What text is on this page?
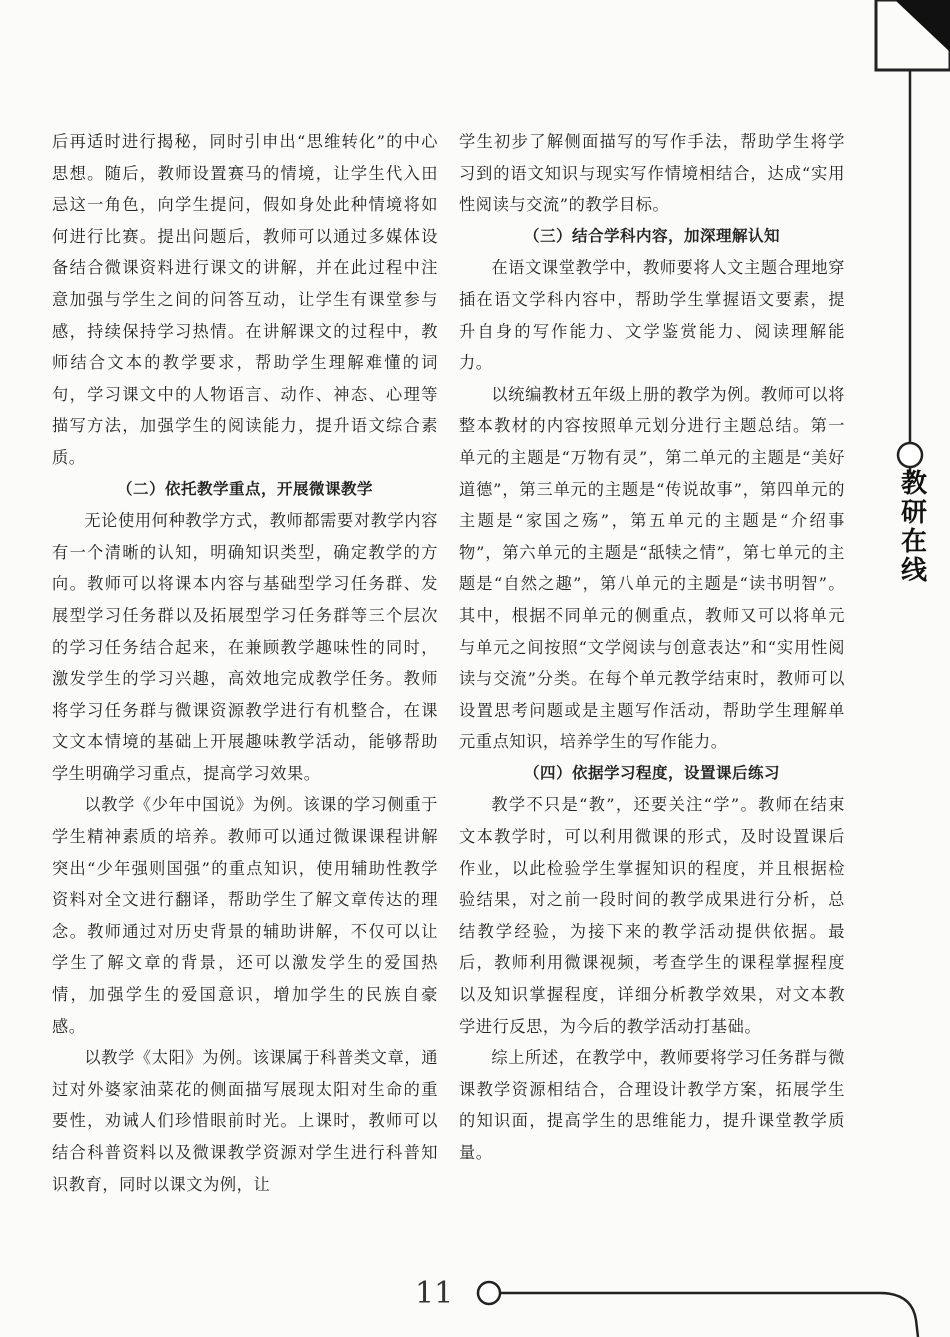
教研在线

后再适时进行揭秘，同时引申出“思维转化”的中心思想。随后，教师设置赛马的情境，让学生代入田忌这一角色，向学生提问，假如身处此种情境将如何进行比赛。提出问题后，教师可以通过多媒体设备结合微课资料进行课文的讲解，并在此过程中注意加强与学生之间的问答互动，让学生有课堂参与感，持续保持学习热情。在讲解课文的过程中，教师结合文本的教学要求，帮助学生理解难懂的词句，学习课文中的人物语言、动作、神态、心理等描写方法，加强学生的阅读能力，提升语文综合素质。

（二）依托教学重点，开展微课教学

无论使用何种教学方式，教师都需要对教学内容有一个清晰的认知，明确知识类型，确定教学的方向。教师可以将课本内容与基础型学习任务群、发展型学习任务群以及拓展型学习任务群等三个层次的学习任务结合起来，在兼顾教学趣味性的同时，激发学生的学习兴趣，高效地完成教学任务。教师将学习任务群与微课资源教学进行有机整合，在课文文本情境的基础上开展趣味教学活动，能够帮助学生明确学习重点，提高学习效果。

以教学《少年中国说》为例。该课的学习侧重于学生精神素质的培养。教师可以通过微课课程讲解突出“少年强则国强”的重点知识，使用辅助性教学资料对全文进行翻译，帮助学生了解文章传达的理念。教师通过对历史背景的辅助讲解，不仅可以让学生了解文章的背景，还可以激发学生的爱国热情，加强学生的爱国意识，增加学生的民族自豪感。

以教学《太阳》为例。该课属于科普类文章，通过对外婆家油菜花的侧面描写展现太阳对生命的重要性，劝诫人们珍惜眼前时光。上课时，教师可以结合科普资料以及微课教学资源对学生进行科普知识教育，同时以课文为例，让

学生初步了解侧面描写的写作手法，帮助学生将学习到的语文知识与现实写作情境相结合，达成“实用性阅读与交流”的教学目标。

（三）结合学科内容，加深理解认知

在语文课堂教学中，教师要将人文主题合理地穿插在语文学科内容中，帮助学生掌握语文要素，提升自身的写作能力、文学鉴赏能力、阅读理解能力。

以统编教材五年级上册的教学为例。教师可以将整本教材的内容按照单元划分进行主题总结。第一单元的主题是“万物有灵”，第二单元的主题是“美好道德”，第三单元的主题是“传说故事”，第四单元的主题是“家国之殇”，第五单元的主题是“介绍事物”，第六单元的主题是“舐犊之情”，第七单元的主题是“自然之趣”，第八单元的主题是“读书明智”。其中，根据不同单元的侧重点，教师又可以将单元与单元之间按照“文学阅读与创意表达”和“实用性阅读与交流”分类。在每个单元教学结束时，教师可以设置思考问题或是主题写作活动，帮助学生理解单元重点知识，培养学生的写作能力。

（四）依据学习程度，设置课后练习

教学不只是“教”，还要关注“学”。教师在结束文本教学时，可以利用微课的形式，及时设置课后作业，以此检验学生掌握知识的程度，并且根据检验结果，对之前一段时间的教学成果进行分析，总结教学经验，为接下来的教学活动提供依据。最后，教师利用微课视频，考查学生的课程掌握程度以及知识掌握程度，详细分析教学效果，对文本教学进行反思，为今后的教学活动打基础。

综上所述，在教学中，教师要将学习任务群与微课教学资源相结合，合理设计教学方案，拓展学生的知识面，提高学生的思维能力，提升课堂教学质量。

11
